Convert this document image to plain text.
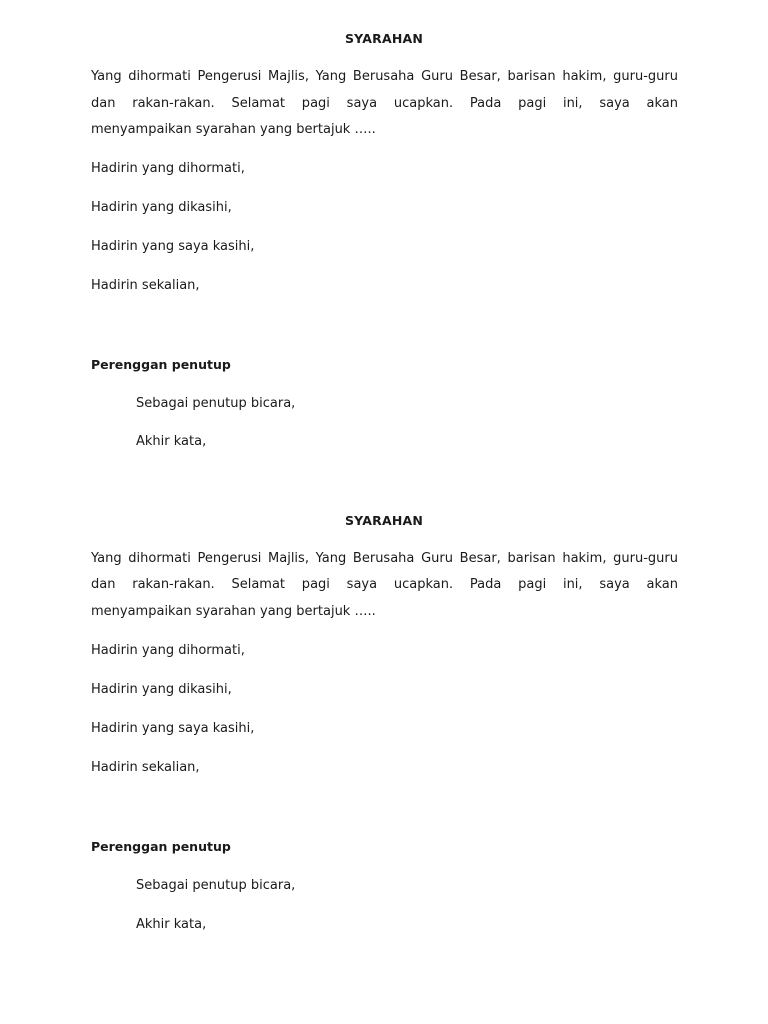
SYARAHAN
Yang dihormati Pengerusi Majlis, Yang Berusaha Guru Besar, barisan hakim, guru-guru
dan rakan-rakan. Selamat pagi saya ucapkan. Pada pagi ini, saya akan
menyampaikan syarahan yang bertajuk …..
Hadirin yang dihormati,
Hadirin yang dikasihi,
Hadirin yang saya kasihi,
Hadirin sekalian,
Perenggan penutup
Sebagai penutup bicara,
Akhir kata,
SYARAHAN
Yang dihormati Pengerusi Majlis, Yang Berusaha Guru Besar, barisan hakim, guru-guru
dan rakan-rakan. Selamat pagi saya ucapkan. Pada pagi ini, saya akan
menyampaikan syarahan yang bertajuk …..
Hadirin yang dihormati,
Hadirin yang dikasihi,
Hadirin yang saya kasihi,
Hadirin sekalian,
Perenggan penutup
Sebagai penutup bicara,
Akhir kata,
